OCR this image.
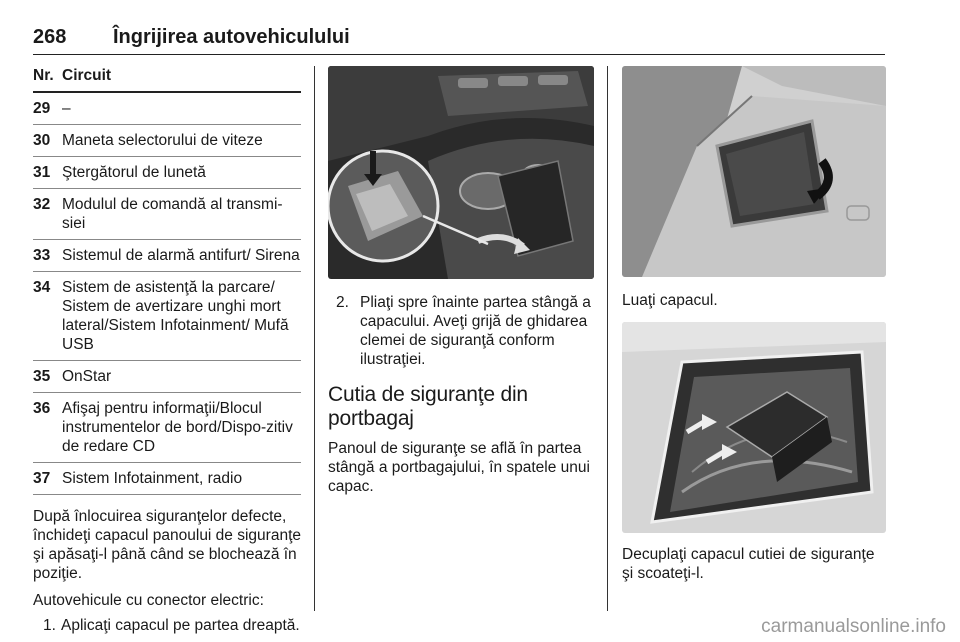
268 Îngrijirea autovehiculului
Nr. Circuit
29 –
30 Maneta selectorului de viteze
31 Ştergătorul de lunetă
32 Modulul de comandă al transmi-siei
33 Sistemul de alarmă antifurt/ Sirena
34 Sistem de asistenţă la parcare/ Sistem de avertizare unghi mort lateral/Sistem Infotainment/ Mufă USB
35 OnStar
36 Afişaj pentru informaţii/Blocul instrumentelor de bord/Dispo-zitiv de redare CD
37 Sistem Infotainment, radio
După înlocuirea siguranţelor defecte, închideţi capacul panoului de siguranţe şi apăsaţi-l până când se blochează în poziţie.
Autovehicule cu conector electric:
1. Aplicaţi capacul pe partea dreaptă.
2. Pliaţi spre înainte partea stângă a capacului. Aveţi grijă de ghidarea clemei de siguranţă conform ilustraţiei.
Cutia de siguranţe din portbagaj
Panoul de siguranţe se află în partea stângă a portbagajului, în spatele unui capac.
Luaţi capacul.
Decuplaţi capacul cutiei de siguranţe şi scoateţi-l.
carmanualsonline.info
